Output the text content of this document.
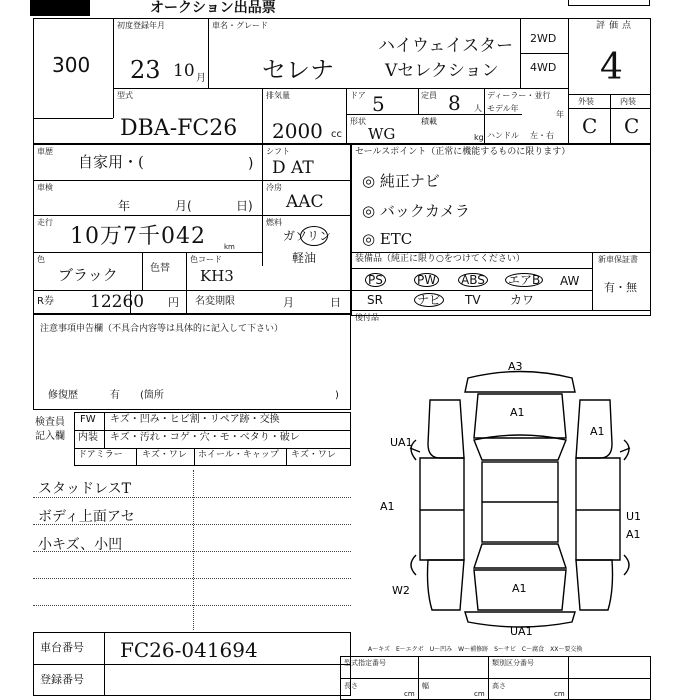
オークション出品票
300
初度登録年月
23 10 月
車名・グレード
セレナ
ハイウェイスター
Vセレクション
2WD
4WD
評価点
4
外装	内装
C C
型式
DBA-FC26
排気量
2000 cc
ドア 5	定員 8 人
ディーラー・並行
モデル年
年
形状
WG
積載
kg ハンドル 左・右
車歴
自家用・(	)
車検
年	月(	日)
走行
10万7千042	km
色
ブラック	色替
色コード
KH3
シフト
D AT
冷房
AAC
燃料
ガソリン
軽油
R券 12260 円 名変期限	月	日
セールスポイント（正常に機能するものに限ります）
◎ 純正ナビ
◎ バックカメラ
◎ ETC
装備品（純正に限り○をつけてください）	新車保証書
有・無
PS	PW ABS エアB AW
SR	ナビ TV カワ
後付品
注意事項申告欄（不具合内容等は具体的に記入して下さい）
修復歴	有 (箇所	)
検査員
記入欄
FW キズ・凹み・ヒビ割・リペア跡・交換
内装 キズ・汚れ・コゲ・穴・モ・べタり・破レ
ドアミラー キズ・ワレ ホイール・キャップ キズ・ワレ
スタッドレスT
ボディ上面アセ
小キズ、小凹
A3
A1
UA1
A1
A1
U1
A1
A1
W2
UA1
A〜キズ　E〜エクボ　U〜凹み　W〜補修跡　S〜サビ　C〜腐食　XX〜要交換
車台番号 FC26-041694
登録番号
型式指定番号	類別区分番号
長さ	幅	高さ
cm	cm	cm
